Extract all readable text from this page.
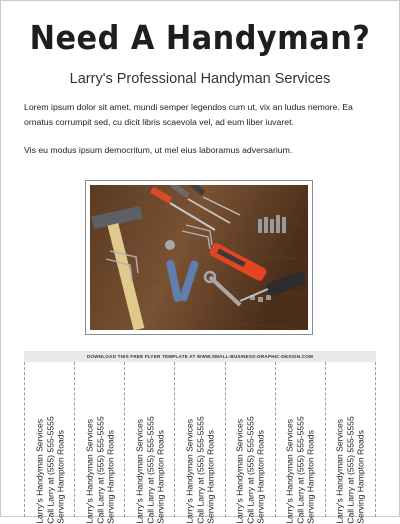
Need A Handyman?
Larry's Professional Handyman Services

Lorem ipsum dolor sit amet, mundi semper legendos cum ut, vix an ludus nemore. Ea ornatus corrumpit sed, cu dicit libris scaevola vel, ad eum liber iuvaret.

Vis eu modus ipsum democritum, ut mel eius laboramus adversarium.

DOWNLOAD THIS FREE FLYER TEMPLATE AT WWW.SMALL-BUSINESS-GRAPHIC-DESIGN.COM
Larry's Handyman Services Call Larry at (555) 555-5555 Serving Hampton Roads Larry's Handyman Services Call Larry at (555) 555-5555 Serving Hampton Roads Larry's Handyman Services Call Larry at (555) 555-5555 Serving Hampton Roads Larry's Handyman Services Call Larry at (555) 555-5555 Serving Hampton Roads Larry's Handyman Services Call Larry at (555) 555-5555 Serving Hampton Roads Larry's Handyman Services Call Larry at (555) 555-5555 Serving Hampton Roads Larry's Handyman Services Call Larry at (555) 555-5555 Serving Hampton Roads
